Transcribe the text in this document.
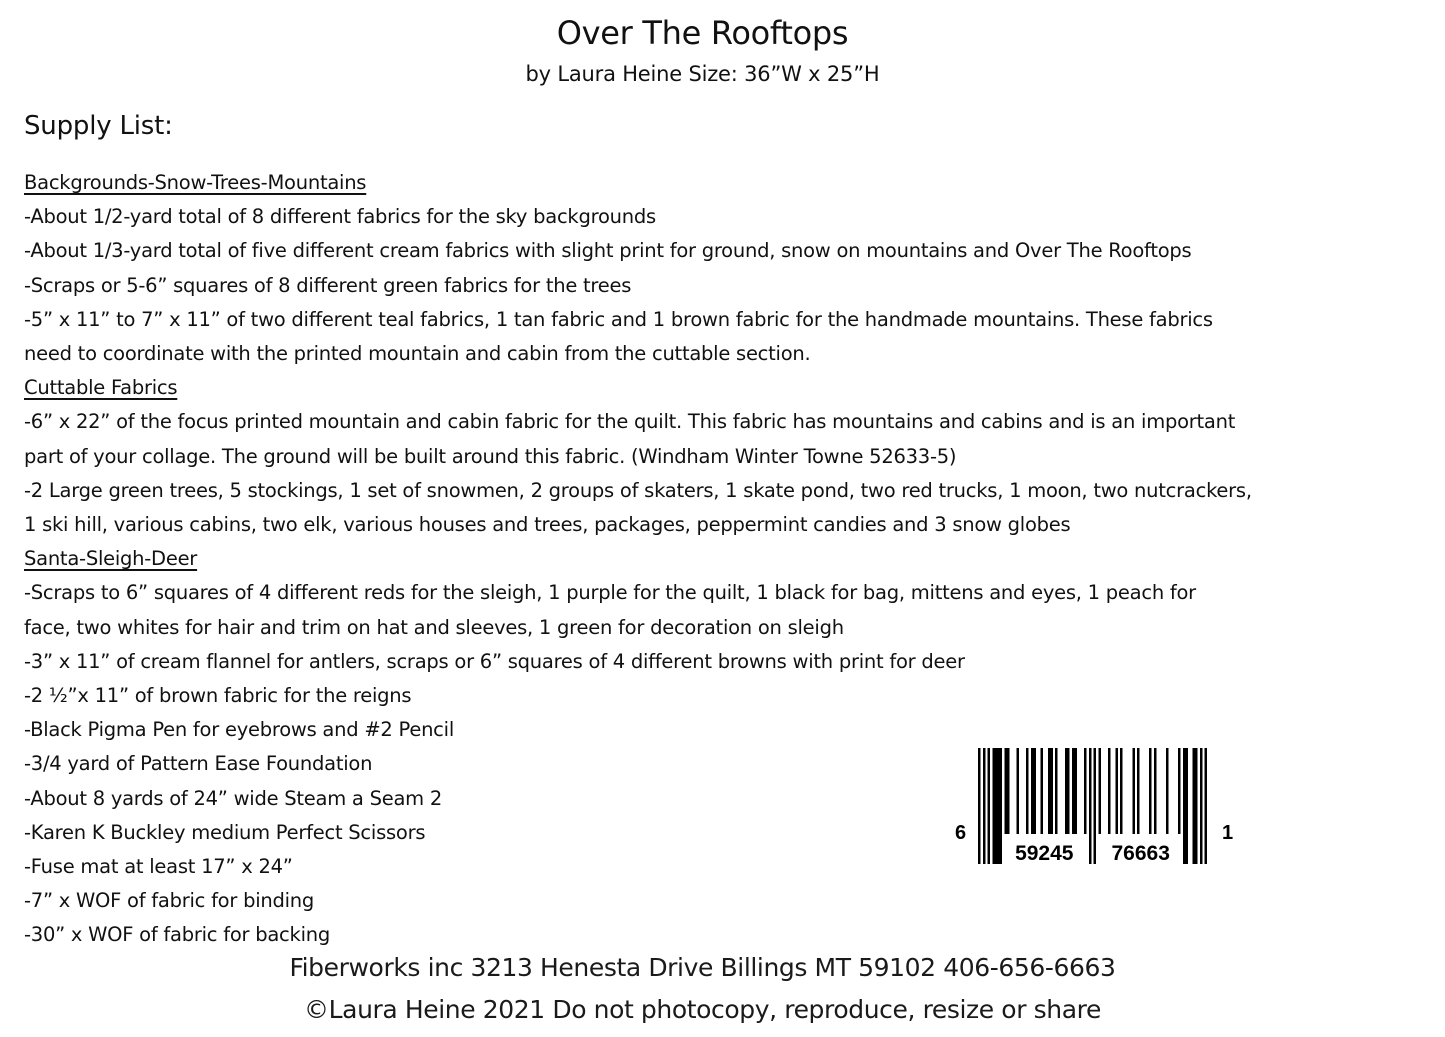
Over The Rooftops
by Laura Heine Size: 36”W x 25”H
Supply List:
Backgrounds-Snow-Trees-Mountains
-About 1/2-yard total of 8 different fabrics for the sky backgrounds
-About 1/3-yard total of five different cream fabrics with slight print for ground, snow on mountains and Over The Rooftops
-Scraps or 5-6” squares of 8 different green fabrics for the trees
-5” x 11” to 7” x 11” of two different teal fabrics, 1 tan fabric and 1 brown fabric for the handmade mountains. These fabrics
need to coordinate with the printed mountain and cabin from the cuttable section.
Cuttable Fabrics
-6” x 22” of the focus printed mountain and cabin fabric for the quilt. This fabric has mountains and cabins and is an important
part of your collage. The ground will be built around this fabric. (Windham Winter Towne 52633-5)
-2 Large green trees, 5 stockings, 1 set of snowmen, 2 groups of skaters, 1 skate pond, two red trucks, 1 moon, two nutcrackers,
1 ski hill, various cabins, two elk, various houses and trees, packages, peppermint candies and 3 snow globes
Santa-Sleigh-Deer
-Scraps to 6” squares of 4 different reds for the sleigh, 1 purple for the quilt, 1 black for bag, mittens and eyes, 1 peach for
face, two whites for hair and trim on hat and sleeves, 1 green for decoration on sleigh
-3” x 11” of cream flannel for antlers, scraps or 6” squares of 4 different browns with print for deer
-2 ½”x 11” of brown fabric for the reigns
-Black Pigma Pen for eyebrows and #2 Pencil
-3/4 yard of Pattern Ease Foundation
-About 8 yards of 24” wide Steam a Seam 2
-Karen K Buckley medium Perfect Scissors
-Fuse mat at least 17” x 24”
-7” x WOF of fabric for binding
-30” x WOF of fabric for backing
6
59245 76663
1
Fiberworks inc 3213 Henesta Drive Billings MT 59102 406-656-6663
©Laura Heine 2021 Do not photocopy, reproduce, resize or share
